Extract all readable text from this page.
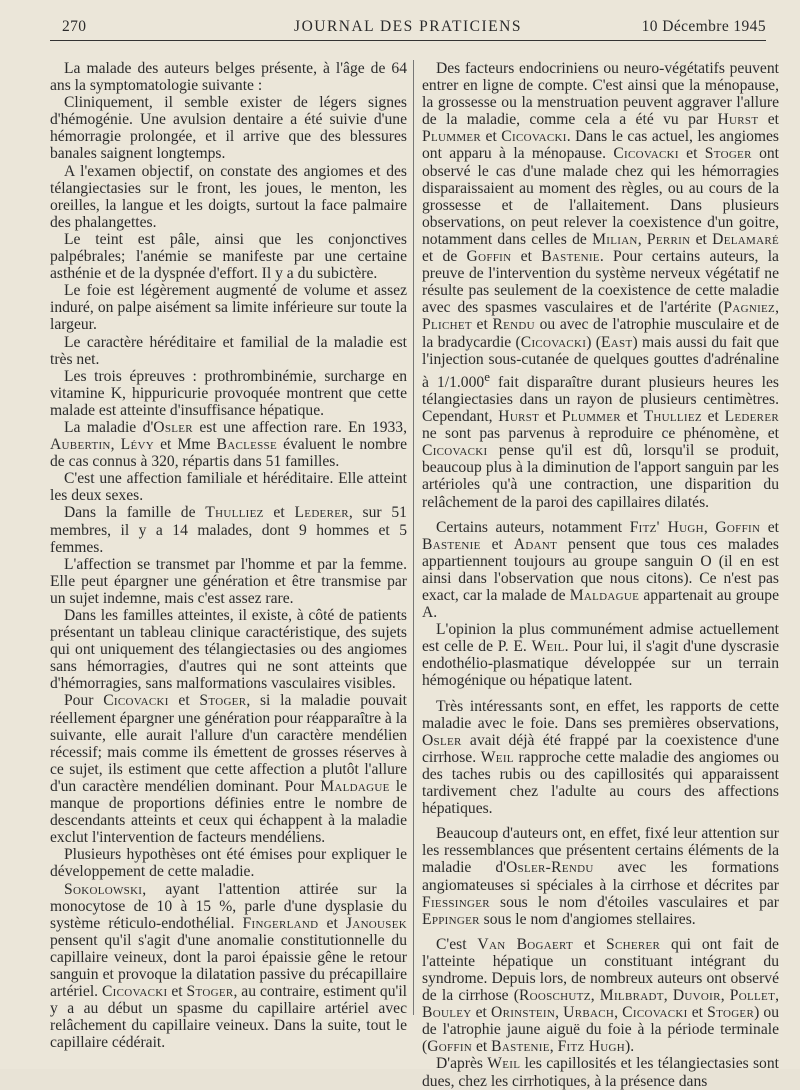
270	JOURNAL DES PRATICIENS	10 Décembre 1945

La malade des auteurs belges présente, à l'âge de 64 ans la symptomatologie suivante :

Cliniquement, il semble exister de légers signes d'hémogénie. Une avulsion dentaire a été suivie d'une hémorragie prolongée, et il arrive que des blessures banales saignent longtemps.

A l'examen objectif, on constate des angiomes et des télangiectasies sur le front, les joues, le menton, les oreilles, la langue et les doigts, surtout la face palmaire des phalangettes.

Le teint est pâle, ainsi que les conjonctives palpébrales; l'anémie se manifeste par une certaine asthénie et de la dyspnée d'effort. Il y a du subictère.

Le foie est légèrement augmenté de volume et assez induré, on palpe aisément sa limite inférieure sur toute la largeur.

Le caractère héréditaire et familial de la maladie est très net.

Les trois épreuves : prothrombinémie, surcharge en vitamine K, hippuricurie provoquée montrent que cette malade est atteinte d'insuffisance hépatique.

La maladie d'Osler est une affection rare. En 1933, Aubertin, Lévy et Mme Baclesse évaluent le nombre de cas connus à 320, répartis dans 51 familles.

C'est une affection familiale et héréditaire. Elle atteint les deux sexes.

Dans la famille de Thulliez et Lederer, sur 51 membres, il y a 14 malades, dont 9 hommes et 5 femmes.

L'affection se transmet par l'homme et par la femme. Elle peut épargner une génération et être transmise par un sujet indemne, mais c'est assez rare.

Dans les familles atteintes, il existe, à côté de patients présentant un tableau clinique caractéristique, des sujets qui ont uniquement des télangiectasies ou des angiomes sans hémorragies, d'autres qui ne sont atteints que d'hémorragies, sans malformations vasculaires visibles.

Pour Cicovacki et Stoger, si la maladie pouvait réellement épargner une génération pour réapparaître à la suivante, elle aurait l'allure d'un caractère mendélien récessif; mais comme ils émettent de grosses réserves à ce sujet, ils estiment que cette affection a plutôt l'allure d'un caractère mendélien dominant. Pour Maldague le manque de proportions définies entre le nombre de descendants atteints et ceux qui échappent à la maladie exclut l'intervention de facteurs mendéliens.

Plusieurs hypothèses ont été émises pour expliquer le développement de cette maladie.

Sokolowski, ayant l'attention attirée sur la monocytose de 10 à 15 %, parle d'une dysplasie du système réticulo-endothélial. Fingerland et Janousek pensent qu'il s'agit d'une anomalie constitutionnelle du capillaire veineux, dont la paroi épaissie gêne le retour sanguin et provoque la dilatation passive du précapillaire artériel. Cicovacki et Stoger, au contraire, estiment qu'il y a au début un spasme du capillaire artériel avec relâchement du capillaire veineux. Dans la suite, tout le capillaire cédérait.

Des facteurs endocriniens ou neuro-végétatifs peuvent entrer en ligne de compte. C'est ainsi que la ménopause, la grossesse ou la menstruation peuvent aggraver l'allure de la maladie, comme cela a été vu par Hurst et Plummer et Cicovacki. Dans le cas actuel, les angiomes ont apparu à la ménopause. Cicovacki et Stoger ont observé le cas d'une malade chez qui les hémorragies disparaissaient au moment des règles, ou au cours de la grossesse et de l'allaitement. Dans plusieurs observations, on peut relever la coexistence d'un goitre, notamment dans celles de Milian, Perrin et Delamaré et de Goffin et Bastenie. Pour certains auteurs, la preuve de l'intervention du système nerveux végétatif ne résulte pas seulement de la coexistence de cette maladie avec des spasmes vasculaires et de l'artérite (Pagniez, Plichet et Rendu ou avec de l'atrophie musculaire et de la bradycardie (Cicovacki) (East) mais aussi du fait que l'injection sous-cutanée de quelques gouttes d'adrénaline à 1/1.000e fait disparaître durant plusieurs heures les télangiectasies dans un rayon de plusieurs centimètres. Cependant, Hurst et Plummer et Thulliez et Lederer ne sont pas parvenus à reproduire ce phénomène, et Cicovacki pense qu'il est dû, lorsqu'il se produit, beaucoup plus à la diminution de l'apport sanguin par les artérioles qu'à une contraction, une disparition du relâchement de la paroi des capillaires dilatés.

Certains auteurs, notamment Fitz' Hugh, Goffin et Bastenie et Adant pensent que tous ces malades appartiennent toujours au groupe sanguin O (il en est ainsi dans l'observation que nous citons). Ce n'est pas exact, car la malade de Maldague appartenait au groupe A.

L'opinion la plus communément admise actuellement est celle de P. E. Weil. Pour lui, il s'agit d'une dyscrasie endothélio-plasmatique développée sur un terrain hémogénique ou hépatique latent.

Très intéressants sont, en effet, les rapports de cette maladie avec le foie. Dans ses premières observations, Osler avait déjà été frappé par la coexistence d'une cirrhose. Weil rapproche cette maladie des angiomes ou des taches rubis ou des capillosités qui apparaissent tardivement chez l'adulte au cours des affections hépatiques.

Beaucoup d'auteurs ont, en effet, fixé leur attention sur les ressemblances que présentent certains éléments de la maladie d'Osler-Rendu avec les formations angiomateuses si spéciales à la cirrhose et décrites par Fiessinger sous le nom d'étoiles vasculaires et par Eppinger sous le nom d'angiomes stellaires.

C'est Van Bogaert et Scherer qui ont fait de l'atteinte hépatique un constituant intégrant du syndrome. Depuis lors, de nombreux auteurs ont observé de la cirrhose (Rooschutz, Milbradt, Duvoir, Pollet, Bouley et Orinstein, Urbach, Cicovacki et Stoger) ou de l'atrophie jaune aiguë du foie à la période terminale (Goffin et Bastenie, Fitz Hugh).

D'après Weil les capillosités et les télangiectasies sont dues, chez les cirrhotiques, à la présence dans
